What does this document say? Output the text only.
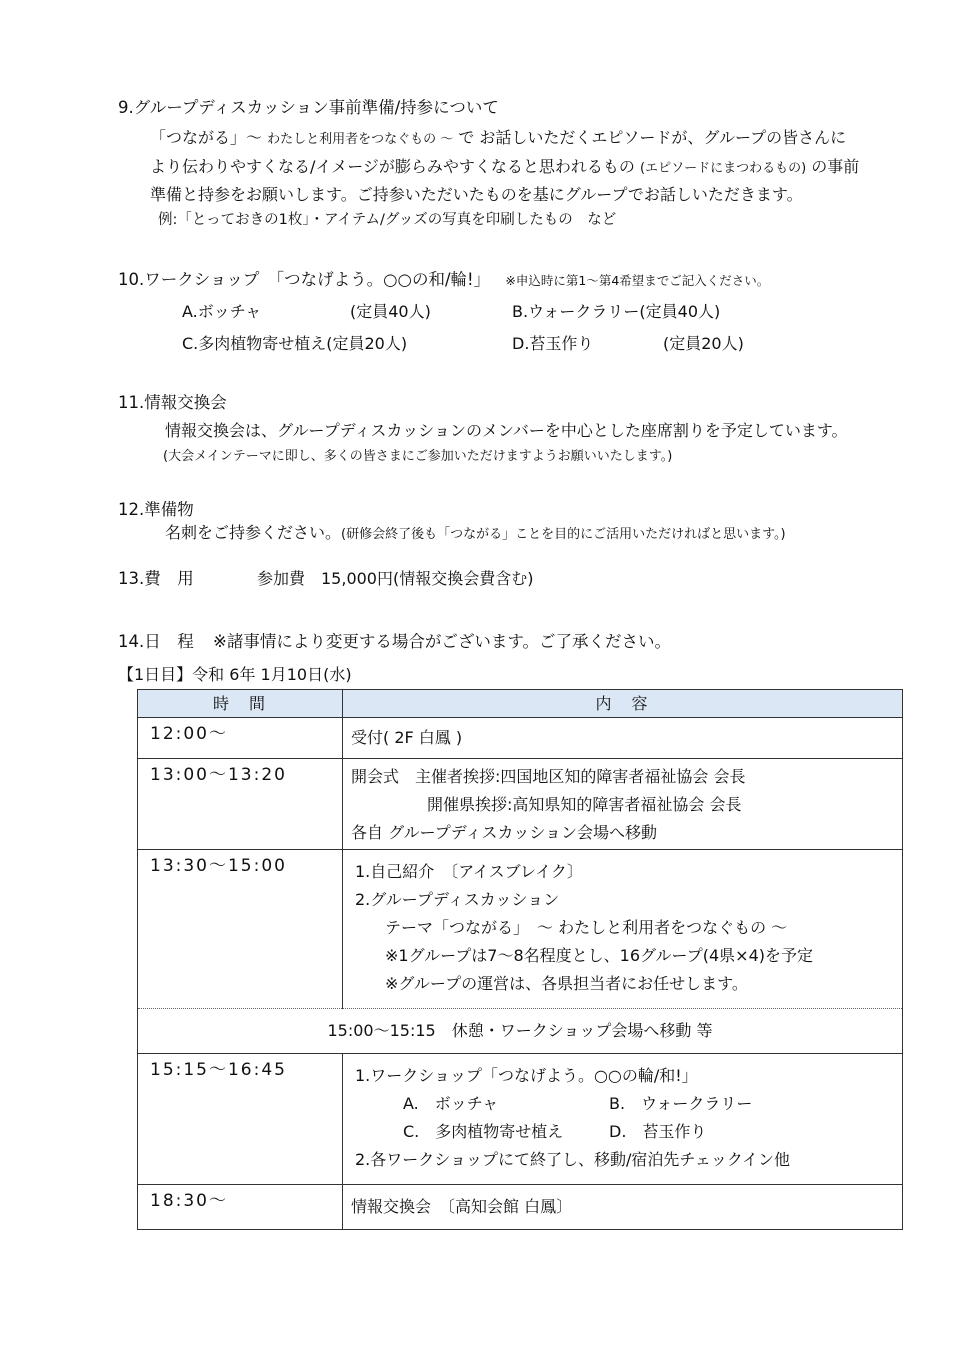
9.グループディスカッション事前準備/持参について
「つながる」～ わたしと利用者をつなぐもの ～ で お話しいただくエピソードが、グループの皆さんに
より伝わりやすくなる/イメージが膨らみやすくなると思われるもの (エピソードにまつわるもの) の事前
準備と持参をお願いします。ご持参いただいたものを基にグループでお話しいただきます。
例:「とっておきの1枚」・アイテム/グッズの写真を印刷したもの　など
10.ワークショップ　「つなげよう。○○の和/輪!」 ※申込時に第1～第4希望までご記入ください。
A.ボッチャ	(定員40人)	B.ウォークラリー(定員40人)
C.多肉植物寄せ植え(定員20人)	D.苔玉作り	(定員20人)
11.情報交換会
情報交換会は、グループディスカッションのメンバーを中心とした座席割りを予定しています。
(大会メインテーマに即し、多くの皆さまにご参加いただけますようお願いいたします。)
12.準備物
名刺をご持参ください。(研修会終了後も「つながる」ことを目的にご活用いただければと思います。)
13.費　用	参加費　15,000円(情報交換会費含む)
14.日　程 ※諸事情により変更する場合がございます。ご了承ください。
【1日目】令和 6年 1月10日(水)
時　間	内　容
12:00～	受付( 2F 白鳳 )

13:00～13:20	開会式　主催者挨拶:四国地区知的障害者福祉協会 会長
開催県挨拶:高知県知的障害者福祉協会 会長
各自 グループディスカッション会場へ移動

13:30～15:00	1.自己紹介　〔アイスブレイク〕
2.グループディスカッション
テーマ「つながる」　～ わたしと利用者をつなぐもの ～
※1グループは7～8名程度とし、16グループ(4県×4)を予定
※グループの運営は、各県担当者にお任せします。

15:00～15:15　休憩・ワークショップ会場へ移動 等	
15:15～16:45	1.ワークショップ「つなげよう。○○の輪/和!」
A.　ボッチャ B.　ウォークラリー
C.　多肉植物寄せ植え D.　苔玉作り
2.各ワークショップにて終了し、移動/宿泊先チェックイン他

18:30～	情報交換会　〔高知会館 白鳳〕
